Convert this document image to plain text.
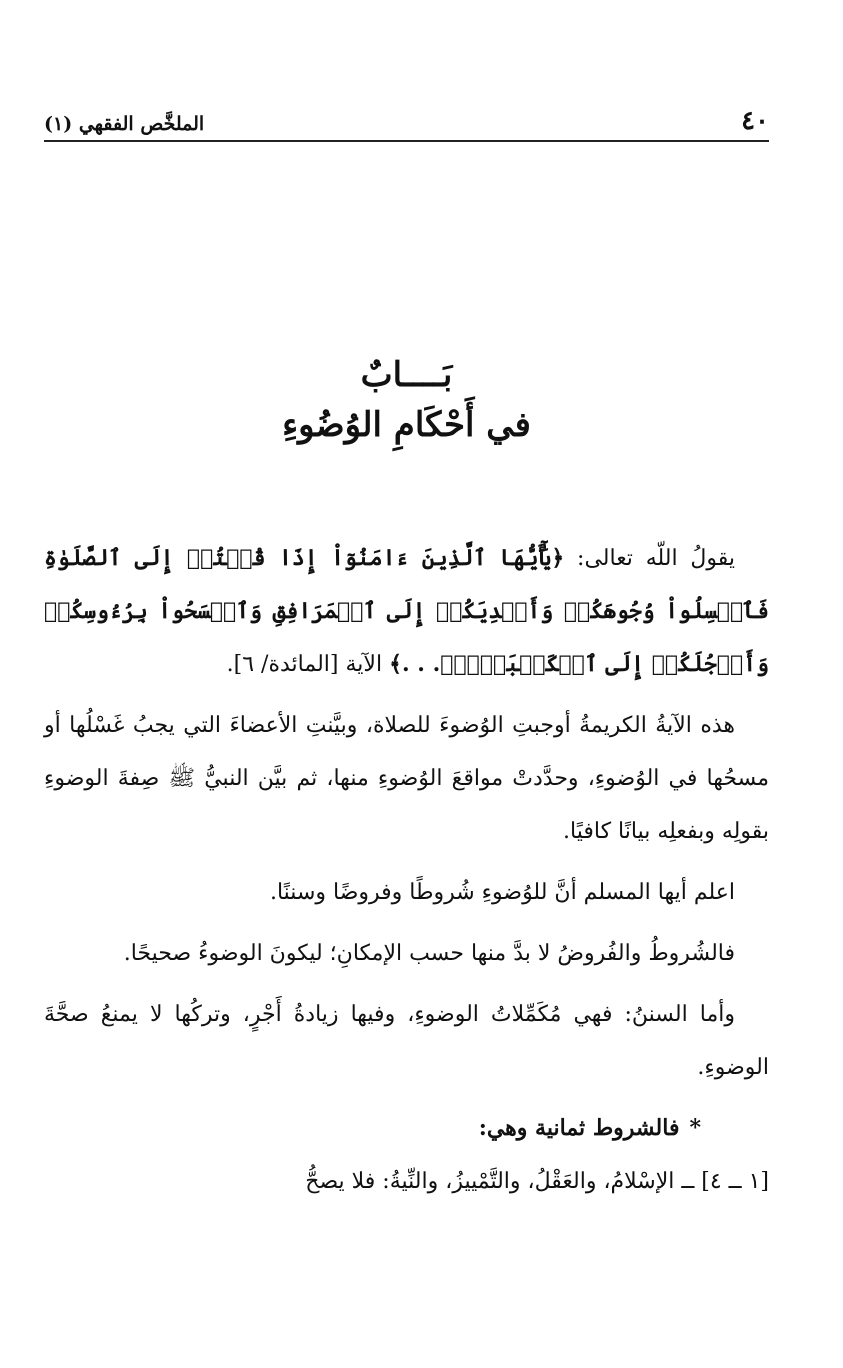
٤٠
الملخَّص الفقهي (١)
بَــــابٌ
في أَحْكَامِ الوُضُوءِ

يقولُ اللّه تعالى: ﴿يَٰٓأَيُّهَا ٱلَّذِينَ ءَامَنُوٓاْ إِذَا قُمۡتُمۡ إِلَى ٱلصَّلَوٰةِ فَٱغۡسِلُواْ وُجُوهَكُمۡ وَأَيۡدِيَكُمۡ إِلَى ٱلۡمَرَافِقِ وَٱمۡسَحُواْ بِرُءُوسِكُمۡ وَأَرۡجُلَكُمۡ إِلَى ٱلۡكَعۡبَيۡنِۚ. . .﴾ الآية [المائدة/ ٦].

هذه الآيةُ الكريمةُ أوجبتِ الوُضوءَ للصلاة، وبيَّنتِ الأعضاءَ التي يجبُ غَسْلُها أو مسحُها في الوُضوءِ، وحدَّدتْ مواقعَ الوُضوءِ منها، ثم بيَّن النبيُّ ﷺ صِفةَ الوضوءِ بقولِه وبفعلِه بيانًا كافيًا.

اعلم أيها المسلم أنَّ للوُضوءِ شُروطًا وفروضًا وسننًا.

فالشُروطُ والفُروضُ لا بدَّ منها حسب الإمكانِ؛ ليكونَ الوضوءُ صحيحًا.

وأما السننُ: فهي مُكَمِّلاتُ الوضوءِ، وفيها زيادةُ أَجْرٍ، وتركُها لا يمنعُ صحَّةَ الوضوءِ.

*فالشروط ثمانية وهي:
[١ ــ ٤] ــ الإسْلامُ، والعَقْلُ، والتَّمْييزُ، والنِّيةُ: فلا يصحُّ
